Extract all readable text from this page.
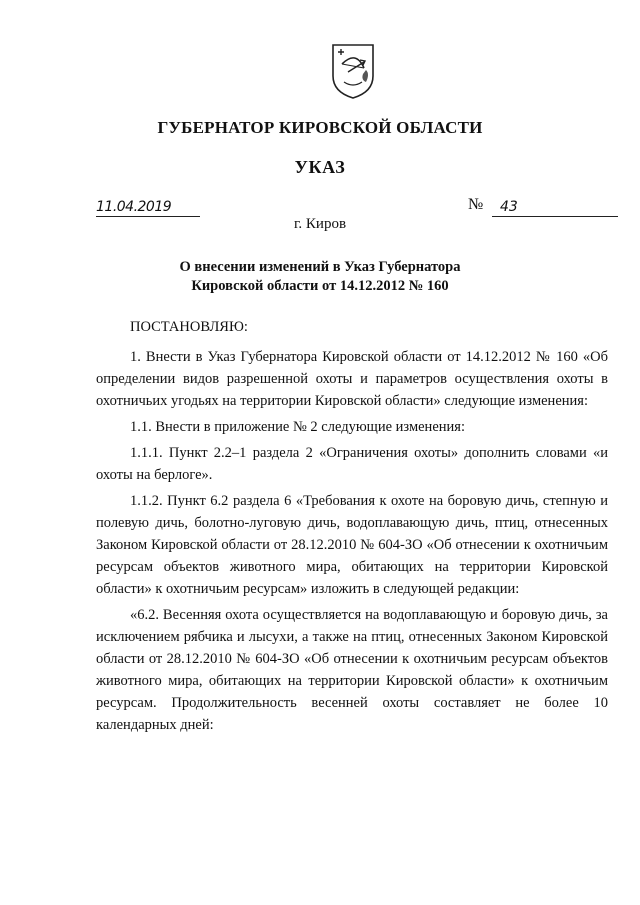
ГУБЕРНАТОР КИРОВСКОЙ ОБЛАСТИ
УКАЗ
11.04.2019	№	43
г. Киров
О внесении изменений в Указ Губернатора
Кировской области от 14.12.2012 № 160

ПОСТАНОВЛЯЮ:

1. Внести в Указ Губернатора Кировской области от 14.12.2012 № 160 «Об определении видов разрешенной охоты и параметров осуществления охоты в охотничьих угодьях на территории Кировской области» следующие изменения:

1.1. Внести в приложение № 2 следующие изменения:

1.1.1. Пункт 2.2–1 раздела 2 «Ограничения охоты» дополнить словами «и охоты на берлоге».

1.1.2. Пункт 6.2 раздела 6 «Требования к охоте на боровую дичь, степную и полевую дичь, болотно-луговую дичь, водоплавающую дичь, птиц, отнесенных Законом Кировской области от 28.12.2010 № 604-ЗО «Об отнесении к охотничьим ресурсам объектов животного мира, обитающих на территории Кировской области» к охотничьим ресурсам» изложить в следующей редакции:

«6.2. Весенняя охота осуществляется на водоплавающую и боровую дичь, за исключением рябчика и лысухи, а также на птиц, отнесенных Законом Кировской области от 28.12.2010 № 604-ЗО «Об отнесении к охотничьим ресурсам объектов животного мира, обитающих на территории Кировской области» к охотничьим ресурсам. Продолжительность весенней охоты составляет не более 10 календарных дней:
